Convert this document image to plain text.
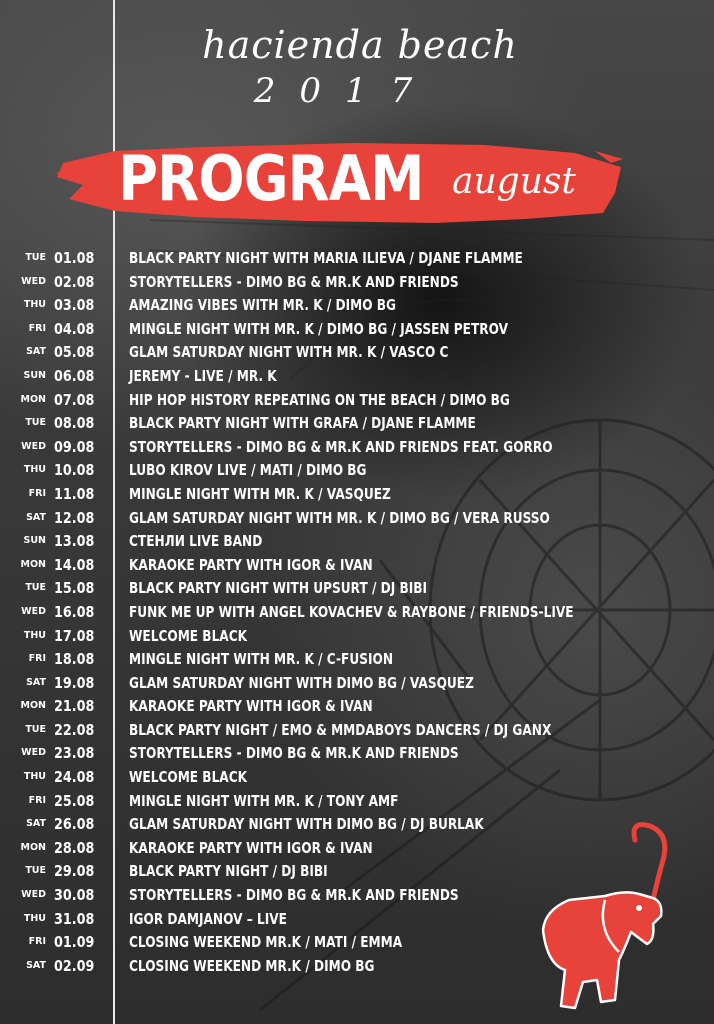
hacienda beach
2017
PROGRAM august
TUE 01.08 BLACK PARTY NIGHT WITH MARIA ILIEVA / DJANE FLAMME
WED 02.08 STORYTELLERS - DIMO BG & MR.K AND FRIENDS
THU 03.08 AMAZING VIBES WITH MR. K / DIMO BG
FRI 04.08 MINGLE NIGHT WITH MR. K / DIMO BG / JASSEN PETROV
SAT 05.08 GLAM SATURDAY NIGHT WITH MR. K / VASCO C
SUN 06.08 JEREMY - LIVE / MR. K
MON 07.08 HIP HOP HISTORY REPEATING ON THE BEACH / DIMO BG
TUE 08.08 BLACK PARTY NIGHT WITH GRAFA / DJANE FLAMME
WED 09.08 STORYTELLERS - DIMO BG & MR.K AND FRIENDS FEAT. GORRO
THU 10.08 LUBO KIROV LIVE / MATI / DIMO BG
FRI 11.08 MINGLE NIGHT WITH MR. K / VASQUEZ
SAT 12.08 GLAM SATURDAY NIGHT WITH MR. K / DIMO BG / VERA RUSSO
SUN 13.08 СТЕНЛИ LIVE BAND
MON 14.08 KARAOKE PARTY WITH IGOR & IVAN
TUE 15.08 BLACK PARTY NIGHT WITH UPSURT / DJ BIBI
WED 16.08 FUNK ME UP WITH ANGEL KOVACHEV & RAYBONE / FRIENDS-LIVE
THU 17.08 WELCOME BLACK
FRI 18.08 MINGLE NIGHT WITH MR. K / C-FUSION
SAT 19.08 GLAM SATURDAY NIGHT WITH DIMO BG / VASQUEZ
MON 21.08 KARAOKE PARTY WITH IGOR & IVAN
TUE 22.08 BLACK PARTY NIGHT / EMO & MMDABOYS DANCERS / DJ GANX
WED 23.08 STORYTELLERS - DIMO BG & MR.K AND FRIENDS
THU 24.08 WELCOME BLACK
FRI 25.08 MINGLE NIGHT WITH MR. K / TONY AMF
SAT 26.08 GLAM SATURDAY NIGHT WITH DIMO BG / DJ BURLAK
MON 28.08 KARAOKE PARTY WITH IGOR & IVAN
TUE 29.08 BLACK PARTY NIGHT / DJ BIBI
WED 30.08 STORYTELLERS - DIMO BG & MR.K AND FRIENDS
THU 31.08 IGOR DAMJANOV – LIVE
FRI 01.09 CLOSING WEEKEND MR.K / MATI / EMMA
SAT 02.09 CLOSING WEEKEND MR.K / DIMO BG
